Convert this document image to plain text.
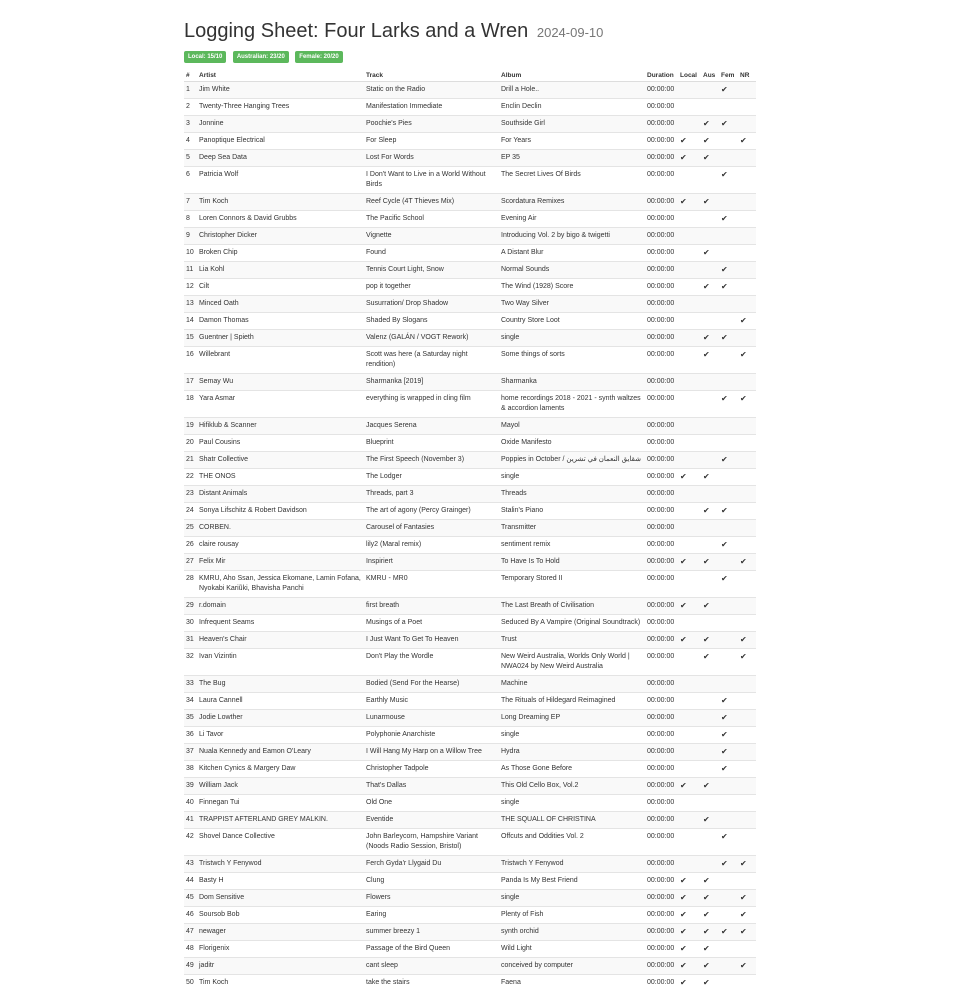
Logging Sheet: Four Larks and a Wren 2024-09-10
Local: 15/10 Australian: 23/20 Female: 20/20
#	Artist	Track	Album	Duration	Local	Aus	Fem	NR
1	Jim White	Static on the Radio	Drill a Hole..	00:00:00			✔	
2	Twenty-Three Hanging Trees	Manifestation Immediate	Enclin Declin	00:00:00				
3	Jonnine	Poochie's Pies	Southside Girl	00:00:00		✔	✔	
4	Panoptique Electrical	For Sleep	For Years	00:00:00	✔	✔		✔
5	Deep Sea Data	Lost For Words	EP 35	00:00:00	✔	✔		
6	Patricia Wolf	I Don't Want to Live in a World Without Birds	The Secret Lives Of Birds	00:00:00			✔	
7	Tim Koch	Reef Cycle (4T Thieves Mix)	Scordatura Remixes	00:00:00	✔	✔		
8	Loren Connors & David Grubbs	The Pacific School	Evening Air	00:00:00			✔	
9	Christopher Dicker	Vignette	Introducing Vol. 2 by bigo & twigetti	00:00:00				
10	Broken Chip	Found	A Distant Blur	00:00:00		✔		
11	Lia Kohl	Tennis Court Light, Snow	Normal Sounds	00:00:00			✔	
12	Cilt	pop it together	The Wind (1928) Score	00:00:00		✔	✔	
13	Minced Oath	Susurration/ Drop Shadow	Two Way Silver	00:00:00				
14	Damon Thomas	Shaded By Slogans	Country Store Loot	00:00:00				✔
15	Guentner | Spieth	Valenz (GALÁN / VOGT Rework)	single	00:00:00		✔	✔	
16	Willebrant	Scott was here (a Saturday night rendition)	Some things of sorts	00:00:00		✔		✔
17	Semay Wu	Sharmanka [2019]	Sharmanka	00:00:00				
18	Yara Asmar	everything is wrapped in cling film	home recordings 2018 - 2021 - synth waltzes & accordion laments	00:00:00			✔	✔
19	Hifiklub & Scanner	Jacques Serena	Mayol	00:00:00				
20	Paul Cousins	Blueprint	Oxide Manifesto	00:00:00				
21	Shatr Collective	The First Speech (November 3)	Poppies in October / شقايق النعمان في تشرين	00:00:00			✔	
22	THE ONOS	The Lodger	single	00:00:00	✔	✔		
23	Distant Animals	Threads, part 3	Threads	00:00:00				
24	Sonya Lifschitz & Robert Davidson	The art of agony (Percy Grainger)	Stalin's Piano	00:00:00		✔	✔	
25	CORBEN.	Carousel of Fantasies	Transmitter	00:00:00				
26	claire rousay	lily2 (Maral remix)	sentiment remix	00:00:00			✔	
27	Felix Mir	Inspiriert	To Have Is To Hold	00:00:00	✔	✔		✔
28	KMRU, Aho Ssan, Jessica Ekomane, Lamin Fofana, Nyokabi Kariũki, Bhavisha Panchi	KMRU - MR0	Temporary Stored II	00:00:00			✔	
29	r.domain	first breath	The Last Breath of Civilisation	00:00:00	✔	✔		
30	Infrequent Seams	Musings of a Poet	Seduced By A Vampire (Original Soundtrack)	00:00:00				
31	Heaven's Chair	I Just Want To Get To Heaven	Trust	00:00:00	✔	✔		✔
32	Ivan Vizintin	Don't Play the Wordle	New Weird Australia, Worlds Only World | NWA024 by New Weird Australia	00:00:00		✔		✔
33	The Bug	Bodied (Send For the Hearse)	Machine	00:00:00				
34	Laura Cannell	Earthly Music	The Rituals of Hildegard Reimagined	00:00:00			✔	
35	Jodie Lowther	Lunarmouse	Long Dreaming EP	00:00:00			✔	
36	Li Tavor	Polyphonie Anarchiste	single	00:00:00			✔	
37	Nuala Kennedy and Eamon O'Leary	I Will Hang My Harp on a Willow Tree	Hydra	00:00:00			✔	
38	Kitchen Cynics & Margery Daw	Christopher Tadpole	As Those Gone Before	00:00:00			✔	
39	William Jack	That's Dallas	This Old Cello Box, Vol.2	00:00:00	✔	✔		
40	Finnegan Tui	Old One	single	00:00:00				
41	TRAPPIST AFTERLAND GREY MALKIN.	Eventide	THE SQUALL OF CHRISTINA	00:00:00		✔		
42	Shovel Dance Collective	John Barleycorn, Hampshire Variant (Noods Radio Session, Bristol)	Offcuts and Oddities Vol. 2	00:00:00			✔	
43	Tristwch Y Fenywod	Ferch Gyda'r Llygaid Du	Tristwch Y Fenywod	00:00:00			✔	✔
44	Basty H	Clung	Panda Is My Best Friend	00:00:00	✔	✔		
45	Dom Sensitive	Flowers	single	00:00:00	✔	✔		✔
46	Soursob Bob	Earing	Plenty of Fish	00:00:00	✔	✔		✔
47	newager	summer breezy 1	synth orchid	00:00:00	✔	✔	✔	✔
48	Florigenix	Passage of the Bird Queen	Wild Light	00:00:00	✔	✔		
49	jaditr	cant sleep	conceived by computer	00:00:00	✔	✔		✔
50	Tim Koch	take the stairs	Faena	00:00:00	✔	✔		
